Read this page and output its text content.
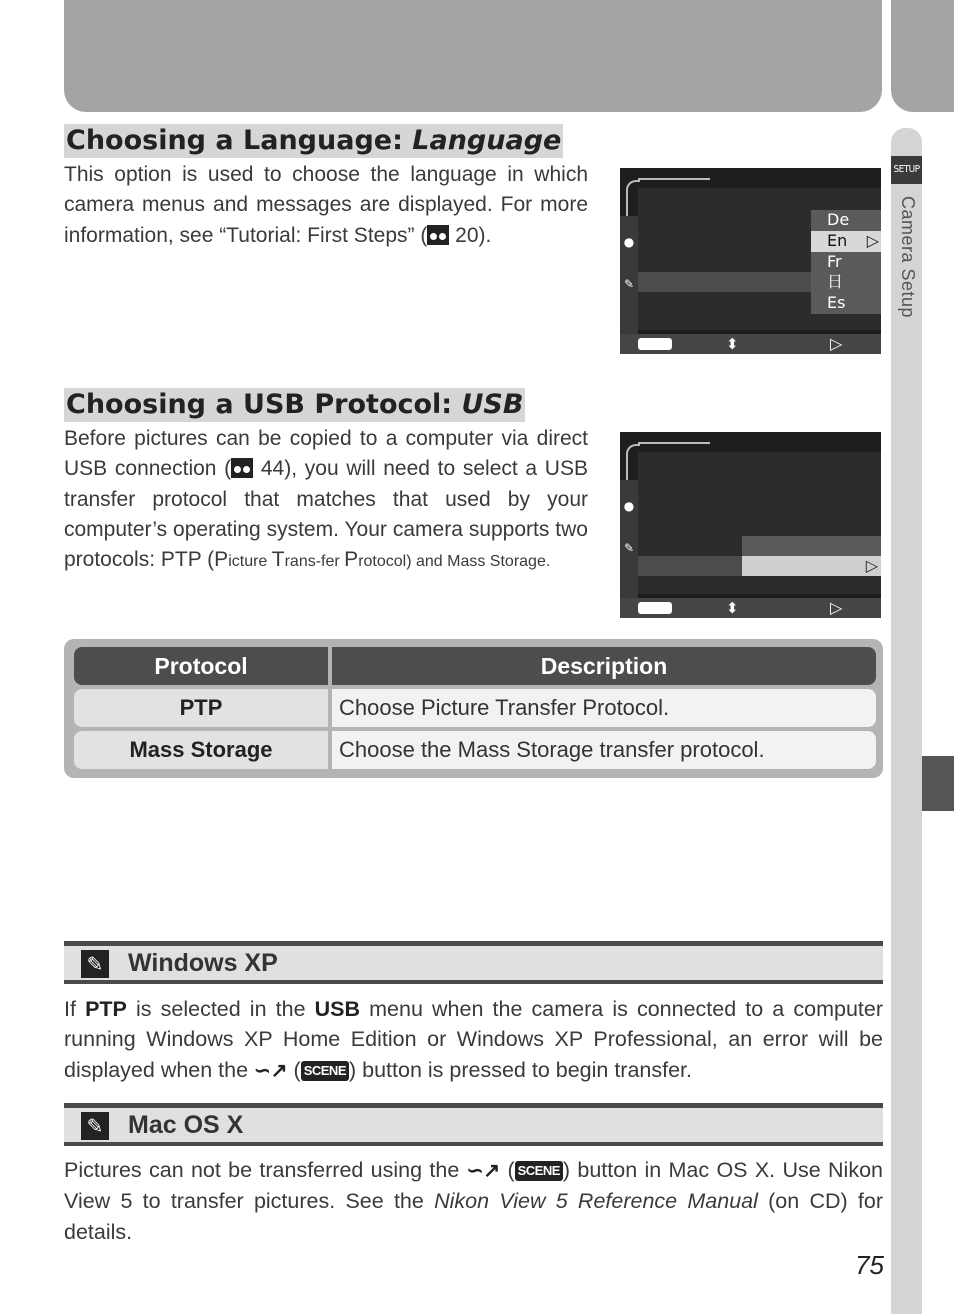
SETUP
Camera Setup
Choosing a Language: Language
This option is used to choose the language in which camera menus and messages are displayed. For more information, see “Tutorial: First Steps” ( 20).	●
✎
De
En ▷
Fr
日
Es
⬍	▷
Choosing a USB Protocol: USB
Before pictures can be copied to a computer via direct USB connection ( 44), you will need to select a USB transfer protocol that matches that used by your computer’s operating system. Your camera supports two protocols: PTP (Picture Trans-fer Protocol) and Mass Storage.
●
✎
▷
⬍	▷
Protocol	Description
PTP	Choose Picture Transfer Protocol.
Mass Storage	Choose the Mass Storage transfer protocol.
✎ Windows XP
If PTP is selected in the USB menu when the camera is connected to a computer running Windows XP Home Edition or Windows XP Professional, an error will be displayed when the ∽↗ ( SCENE ) button is pressed to begin transfer.
✎ Mac OS X
Pictures can not be transferred using the ∽↗ ( SCENE ) button in Mac OS X. Use Nikon View 5 to transfer pictures. See the Nikon View 5 Reference Manual (on CD) for details.
75
